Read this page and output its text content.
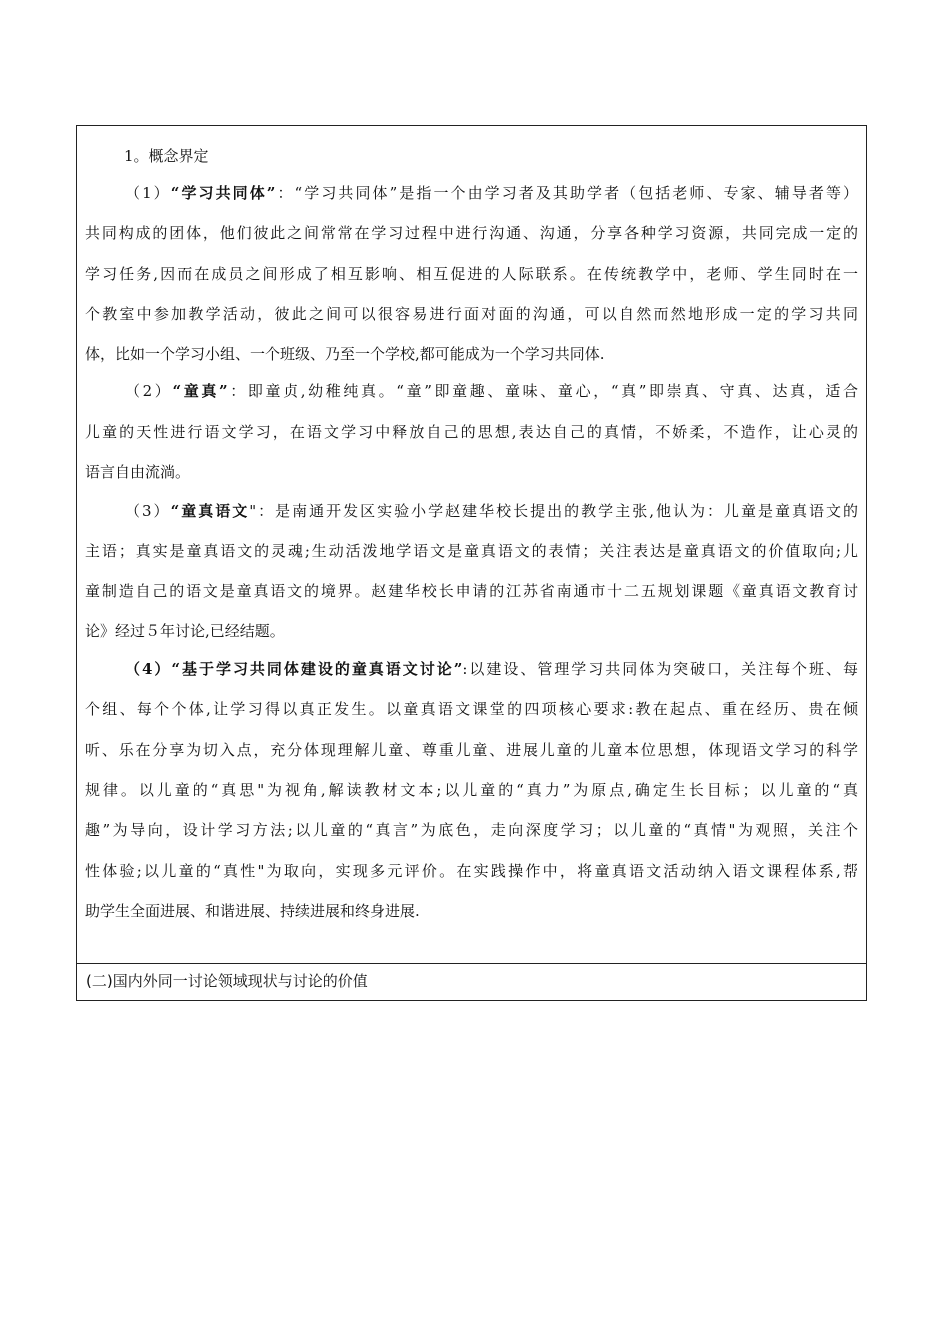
1。概念界定
（1）“学习共同体”：“学习共同体”是指一个由学习者及其助学者（包括老师、专家、辅导者等）
共同构成的团体，他们彼此之间常常在学习过程中进行沟通、沟通，分享各种学习资源，共同完成一定的
学习任务,因而在成员之间形成了相互影响、相互促进的人际联系。在传统教学中，老师、学生同时在一
个教室中参加教学活动，彼此之间可以很容易进行面对面的沟通，可以自然而然地形成一定的学习共同
体，比如一个学习小组、一个班级、乃至一个学校,都可能成为一个学习共同体.
（2）“童真”：即童贞,幼稚纯真。“童”即童趣、童味、童心，“真”即崇真、守真、达真，适合
儿童的天性进行语文学习，在语文学习中释放自己的思想,表达自己的真情，不娇柔，不造作，让心灵的
语言自由流淌。
（3）“童真语文"：是南通开发区实验小学赵建华校长提出的教学主张,他认为：儿童是童真语文的
主语；真实是童真语文的灵魂;生动活泼地学语文是童真语文的表情；关注表达是童真语文的价值取向;儿
童制造自己的语文是童真语文的境界。赵建华校长申请的江苏省南通市十二五规划课题《童真语文教育讨
论》经过５年讨论,已经结题。
（4）“基于学习共同体建设的童真语文讨论”:以建设、管理学习共同体为突破口，关注每个班、每
个组、每个个体,让学习得以真正发生。以童真语文课堂的四项核心要求:教在起点、重在经历、贵在倾
听、乐在分享为切入点，充分体现理解儿童、尊重儿童、进展儿童的儿童本位思想，体现语文学习的科学
规律。以儿童的“真思"为视角,解读教材文本;以儿童的“真力”为原点,确定生长目标；以儿童的“真
趣”为导向，设计学习方法;以儿童的“真言”为底色，走向深度学习；以儿童的“真情"为观照，关注个
性体验;以儿童的“真性"为取向，实现多元评价。在实践操作中，将童真语文活动纳入语文课程体系,帮
助学生全面进展、和谐进展、持续进展和终身进展.
(二)国内外同一讨论领域现状与讨论的价值
